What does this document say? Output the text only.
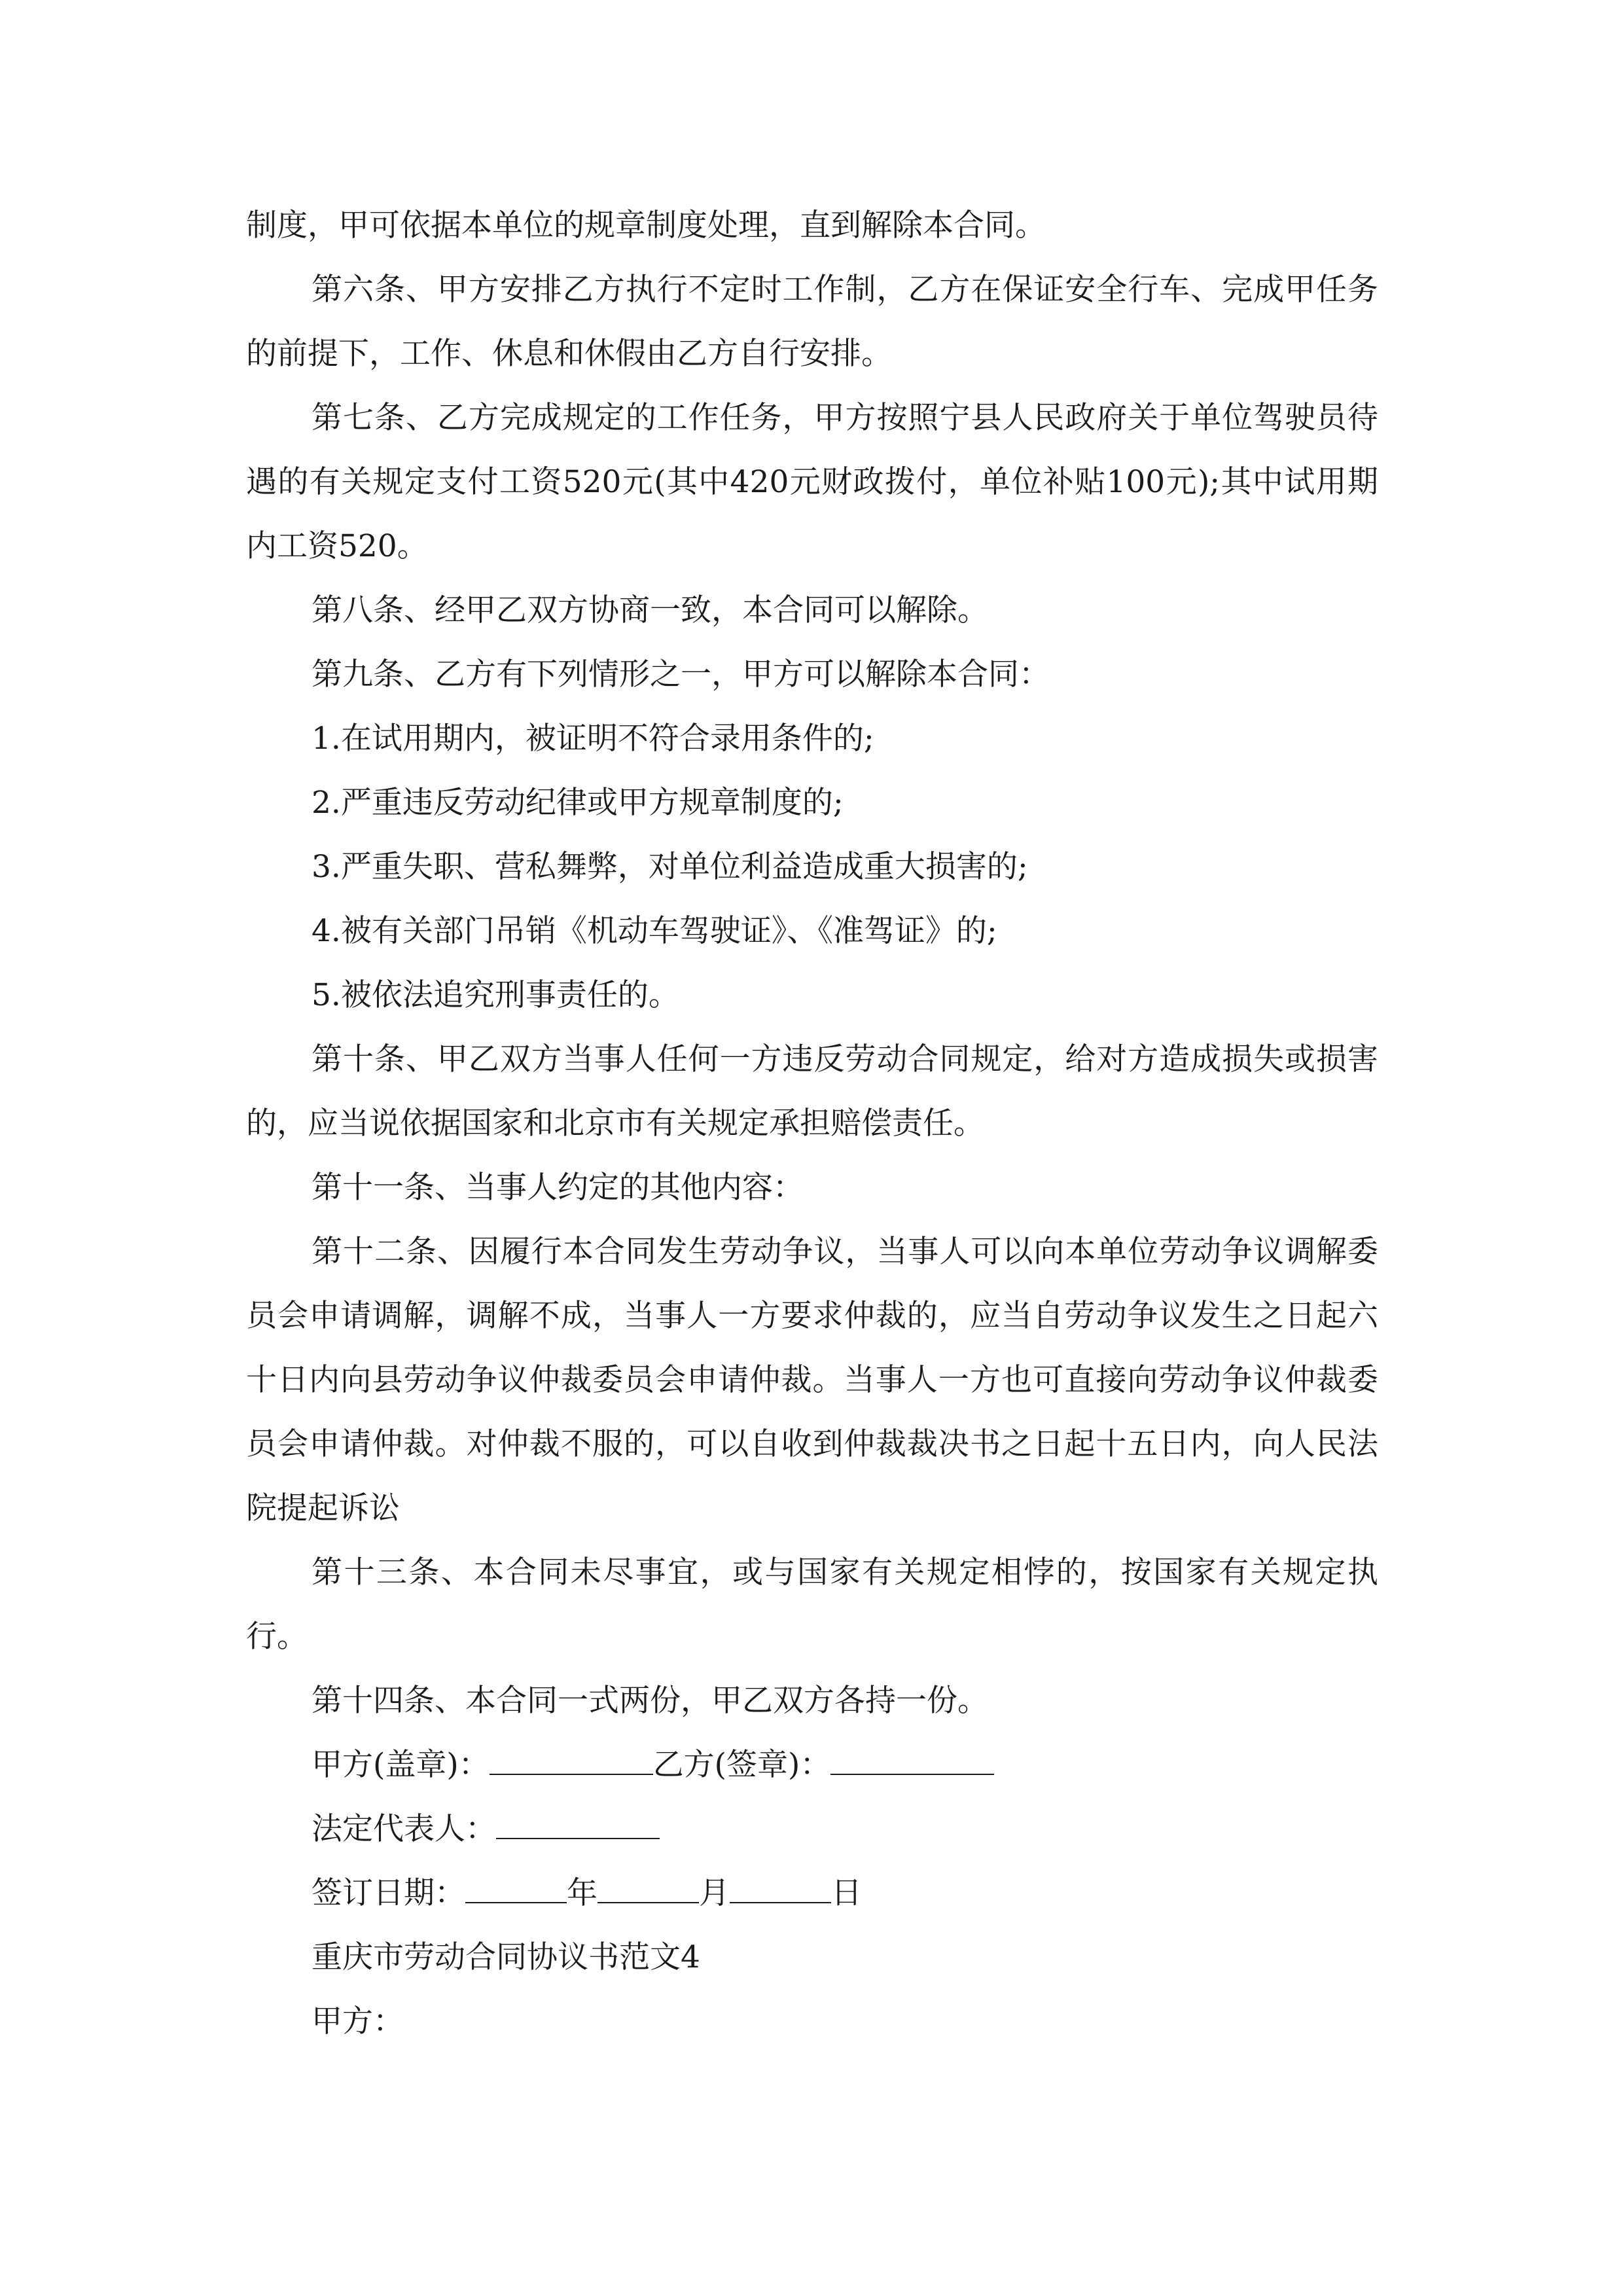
制度，甲可依据本单位的规章制度处理，直到解除本合同。

第六条、甲方安排乙方执行不定时工作制，乙方在保证安全行车、完成甲任务的前提下，工作、休息和休假由乙方自行安排。

第七条、乙方完成规定的工作任务，甲方按照宁县人民政府关于单位驾驶员待遇的有关规定支付工资520元(其中420元财政拨付，单位补贴100元);其中试用期内工资520。

第八条、经甲乙双方协商一致，本合同可以解除。

第九条、乙方有下列情形之一，甲方可以解除本合同：

1.在试用期内，被证明不符合录用条件的;

2.严重违反劳动纪律或甲方规章制度的;

3.严重失职、营私舞弊，对单位利益造成重大损害的;

4.被有关部门吊销《机动车驾驶证》、《准驾证》的;

5.被依法追究刑事责任的。

第十条、甲乙双方当事人任何一方违反劳动合同规定，给对方造成损失或损害的，应当说依据国家和北京市有关规定承担赔偿责任。

第十一条、当事人约定的其他内容：

第十二条、因履行本合同发生劳动争议，当事人可以向本单位劳动争议调解委员会申请调解，调解不成，当事人一方要求仲裁的，应当自劳动争议发生之日起六十日内向县劳动争议仲裁委员会申请仲裁。当事人一方也可直接向劳动争议仲裁委员会申请仲裁。对仲裁不服的，可以自收到仲裁裁决书之日起十五日内，向人民法院提起诉讼

第十三条、本合同未尽事宜，或与国家有关规定相悖的，按国家有关规定执行。

第十四条、本合同一式两份，甲乙双方各持一份。

甲方(盖章)：	乙方(签章)：

法定代表人：

签订日期：	年	月	日

重庆市劳动合同协议书范文4

甲方：
